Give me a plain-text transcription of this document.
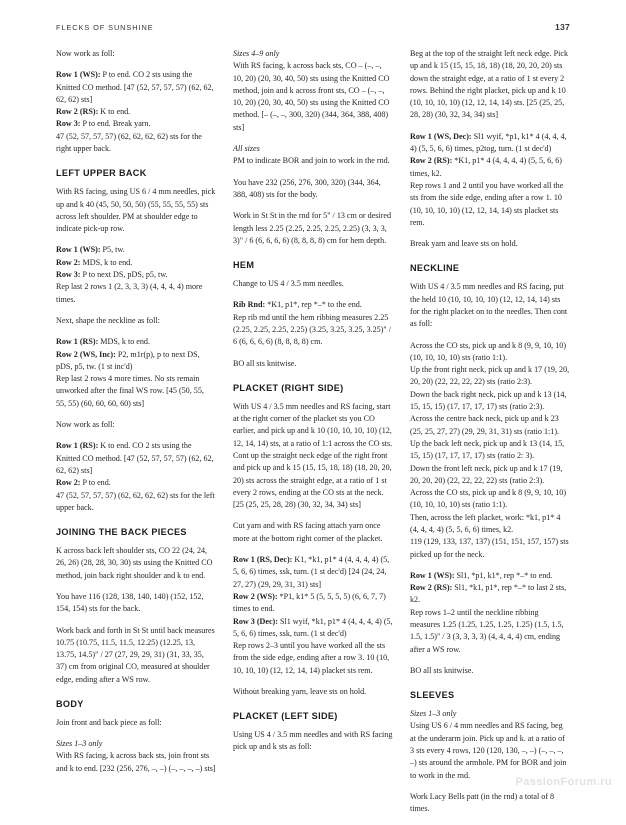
FLECKS OF SUNSHINE	137

Now work as foll:

Row 1 (WS): P to end. CO 2 sts using the Knitted CO method. [47 (52, 57, 57, 57) (62, 62, 62, 62) sts]

Row 2 (RS): K to end.

Row 3: P to end. Break yarn.

47 (52, 57, 57, 57) (62, 62, 62, 62) sts for the right upper back.

LEFT UPPER BACK

With RS facing, using US 6 / 4 mm needles, pick up and k 40 (45, 50, 50, 50) (55, 55, 55, 55) sts across left shoulder. PM at shoulder edge to indicate pick-up row.

Row 1 (WS): P5, tw.

Row 2: MDS, k to end.

Row 3: P to next DS, pDS, p5, tw.

Rep last 2 rows 1 (2, 3, 3, 3) (4, 4, 4, 4) more times.

Next, shape the neckline as foll:

Row 1 (RS): MDS, k to end.

Row 2 (WS, Inc): P2, m1r(p), p to next DS, pDS, p5, tw. (1 st inc'd)

Rep last 2 rows 4 more times. No sts remain unworked after the final WS row. [45 (50, 55, 55, 55) (60, 60, 60, 60) sts]

Now work as foll:

Row 1 (RS): K to end. CO 2 sts using the Knitted CO method. [47 (52, 57, 57, 57) (62, 62, 62, 62) sts]

Row 2: P to end.

47 (52, 57, 57, 57) (62, 62, 62, 62) sts for the left upper back.

JOINING THE BACK PIECES

K across back left shoulder sts, CO 22 (24, 24, 26, 26) (28, 28, 30, 30) sts using the Knitted CO method, join back right shoulder and k to end.

You have 116 (128, 138, 140, 140) (152, 152, 154, 154) sts for the back.

Work back and forth in St St until back measures 10.75 (10.75, 11.5, 11.5, 12.25) (12.25, 13, 13.75, 14.5)" / 27 (27, 29, 29, 31) (31, 33, 35, 37) cm from original CO, measured at shoulder edge, ending after a WS row.

BODY

Join front and back piece as foll:

Sizes 1–3 only

With RS facing, k across back sts, join front sts and k to end. [232 (256, 276, –, –) (–, –, –, –) sts]

Sizes 4–9 only

With RS facing, k across back sts, CO – (–, –, 10, 20) (20, 30, 40, 50) sts using the Knitted CO method, join and k across front sts, CO – (–, –, 10, 20) (20, 30, 40, 50) sts using the Knitted CO method. [– (–, –, 300, 320) (344, 364, 388, 408) sts]

All sizes

PM to indicate BOR and join to work in the rnd.

You have 232 (256, 276, 300, 320) (344, 364, 388, 408) sts for the body.

Work in St St in the rnd for 5" / 13 cm or desired length less 2.25 (2.25, 2.25, 2.25, 2.25) (3, 3, 3, 3)" / 6 (6, 6, 6, 6) (8, 8, 8, 8) cm for hem depth.

HEM

Change to US 4 / 3.5 mm needles.

Rib Rnd: *K1, p1*, rep *–* to the end.

Rep rib rnd until the hem ribbing measures 2.25 (2.25, 2.25, 2.25, 2.25) (3.25, 3.25, 3.25, 3.25)" / 6 (6, 6, 6, 6) (8, 8, 8, 8) cm.

BO all sts knitwise.

PLACKET (RIGHT SIDE)

With US 4 / 3.5 mm needles and RS facing, start at the right corner of the placket sts you CO earlier, and pick up and k 10 (10, 10, 10, 10) (12, 12, 14, 14) sts, at a ratio of 1:1 across the CO sts. Cont up the straight neck edge of the right front and pick up and k 15 (15, 15, 18, 18) (18, 20, 20, 20) sts across the straight edge, at a ratio of 1 st every 2 rows, ending at the CO sts at the neck. [25 (25, 25, 28, 28) (30, 32, 34, 34) sts]

Cut yarn and with RS facing attach yarn once more at the bottom right corner of the placket.

Row 1 (RS, Dec): K1, *k1, p1* 4 (4, 4, 4, 4) (5, 5, 6, 6) times, ssk, turn. (1 st dec'd) [24 (24, 24, 27, 27) (29, 29, 31, 31) sts]

Row 2 (WS): *P1, k1* 5 (5, 5, 5, 5) (6, 6, 7, 7) times to end.

Row 3 (Dec): Sl1 wyif, *k1, p1* 4 (4, 4, 4, 4) (5, 5, 6, 6) times, ssk, turn. (1 st dec'd)

Rep rows 2–3 until you have worked all the sts from the side edge, ending after a row 3. 10 (10, 10, 10, 10) (12, 12, 14, 14) placket sts rem.

Without breaking yarn, leave sts on hold.

PLACKET (LEFT SIDE)

Using US 4 / 3.5 mm needles and with RS facing pick up and k sts as foll:

Beg at the top of the straight left neck edge. Pick up and k 15 (15, 15, 18, 18) (18, 20, 20, 20) sts down the straight edge, at a ratio of 1 st every 2 rows. Behind the right placket, pick up and k 10 (10, 10, 10, 10) (12, 12, 14, 14) sts. [25 (25, 25, 28, 28) (30, 32, 34, 34) sts]

Row 1 (WS, Dec): Sl1 wyif, *p1, k1* 4 (4, 4, 4, 4) (5, 5, 6, 6) times, p2tog, turn. (1 st dec'd)

Row 2 (RS): *K1, p1* 4 (4, 4, 4, 4) (5, 5, 6, 6) times, k2.

Rep rows 1 and 2 until you have worked all the sts from the side edge, ending after a row 1. 10 (10, 10, 10, 10) (12, 12, 14, 14) sts placket sts rem.

Break yarn and leave sts on hold.

NECKLINE

With US 4 / 3.5 mm needles and RS facing, put the held 10 (10, 10, 10, 10) (12, 12, 14, 14) sts for the right placket on to the needles. Then cont as foll:

Across the CO sts, pick up and k 8 (9, 9, 10, 10) (10, 10, 10, 10) sts (ratio 1:1).
Up the front right neck, pick up and k 17 (19, 20, 20, 20) (22, 22, 22, 22) sts (ratio 2:3).
Down the back right neck, pick up and k 13 (14, 15, 15, 15) (17, 17, 17, 17) sts (ratio 2:3).
Across the centre back neck, pick up and k 23 (25, 25, 27, 27) (29, 29, 31, 31) sts (ratio 1:1).
Up the back left neck, pick up and k 13 (14, 15, 15, 15) (17, 17, 17, 17) sts (ratio 2: 3).
Down the front left neck, pick up and k 17 (19, 20, 20, 20) (22, 22, 22, 22) sts (ratio 2:3).
Across the CO sts, pick up and k 8 (9, 9, 10, 10) (10, 10, 10, 10) sts (ratio 1:1).
Then, across the left placket, work: *k1, p1* 4 (4, 4, 4, 4) (5, 5, 6, 6) times, k2.
119 (129, 133, 137, 137) (151, 151, 157, 157) sts picked up for the neck.

Row 1 (WS): Sl1, *p1, k1*, rep *–* to end.

Row 2 (RS): Sl1, *k1, p1*, rep *–* to last 2 sts, k2.

Rep rows 1–2 until the neckline ribbing measures 1.25 (1.25, 1.25, 1.25, 1.25) (1.5, 1.5, 1.5, 1.5)" / 3 (3, 3, 3, 3) (4, 4, 4, 4) cm, ending after a WS row.

BO all sts knitwise.

SLEEVES

Sizes 1–3 only

Using US 6 / 4 mm needles and RS facing, beg at the underarm join. Pick up and k. at a ratio of 3 sts every 4 rows, 120 (120, 130, –, –) (–, –, –, –) sts around the armhole. PM for BOR and join to work in the rnd.

Work Lacy Bells patt (in the rnd) a total of 8 times.

PassionForum.ru
